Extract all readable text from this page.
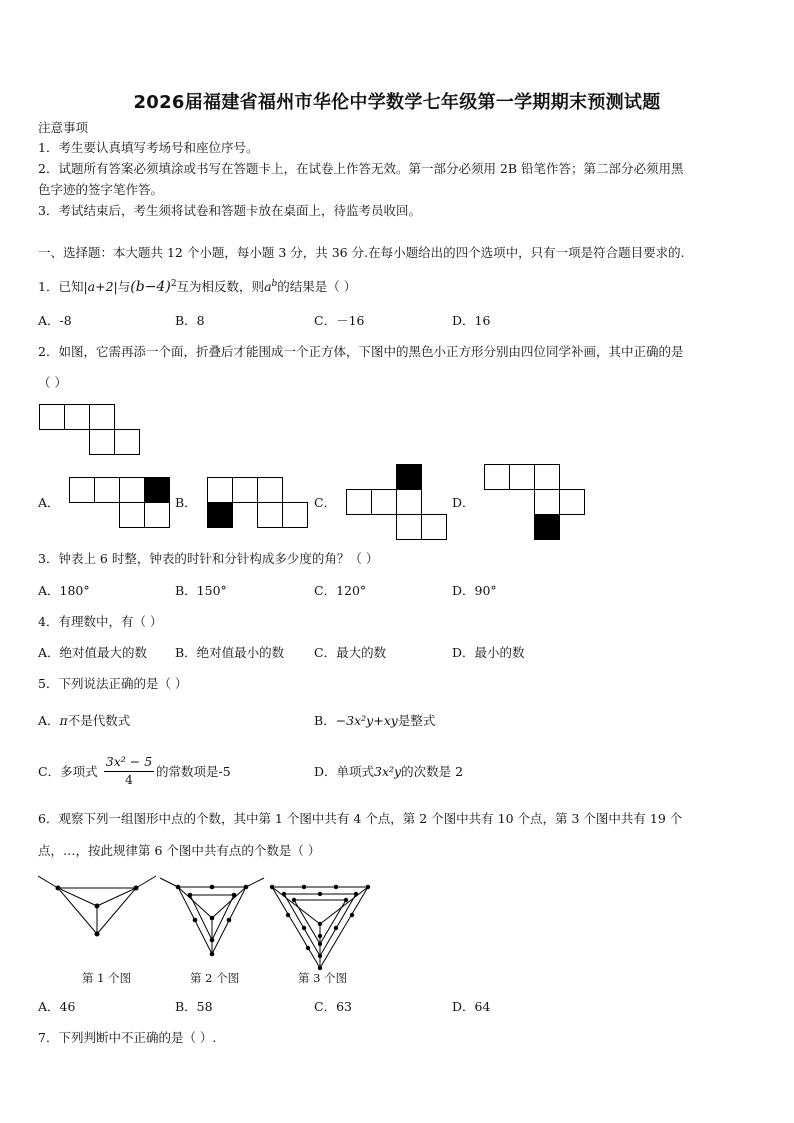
2026届福建省福州市华伦中学数学七年级第一学期期末预测试题
注意事项
1．考生要认真填写考场号和座位序号。
2．试题所有答案必须填涂或书写在答题卡上，在试卷上作答无效。第一部分必须用 2B 铅笔作答；第二部分必须用黑
色字迹的签字笔作答。
3．考试结束后，考生须将试卷和答题卡放在桌面上，待监考员收回。
一、选择题：本大题共 12 个小题，每小题 3 分，共 36 分.在每小题给出的四个选项中，只有一项是符合题目要求的.
1．已知|a+2|与$(b-4)^2$互为相反数，则$a^b$的结果是（ ）
A．-8	B．8	C．－16	D．16
2．如图，它需再添一个面，折叠后才能围成一个正方体，下图中的黑色小正方形分别由四位同学补画，其中正确的是
（ ）
A．	B．	C．	D．
3．钟表上 6 时整，钟表的时针和分针构成多少度的角？（ ）
A．180°	B．150°	C．120°	D．90°
4．有理数中，有（ ）
A．绝对值最大的数 B．绝对值最小的数 C．最大的数	D．最小的数
5．下列说法正确的是（ ）
A．π不是代数式	B．−3x²y+xy是整式
C．多项式 $\frac{\text{3x² − 5}}{4}$ 的常数项是-5	D．单项式3x²y的次数是 2
6．观察下列一组图形中点的个数，其中第 1 个图中共有 4 个点，第 2 个图中共有 10 个点，第 3 个图中共有 19 个
点，…，按此规律第 6 个图中共有点的个数是（ ）
第 1 个图	第 2 个图	第 3 个图
A．46	B．58	C．63	D．64
7．下列判断中不正确的是（ ）.
